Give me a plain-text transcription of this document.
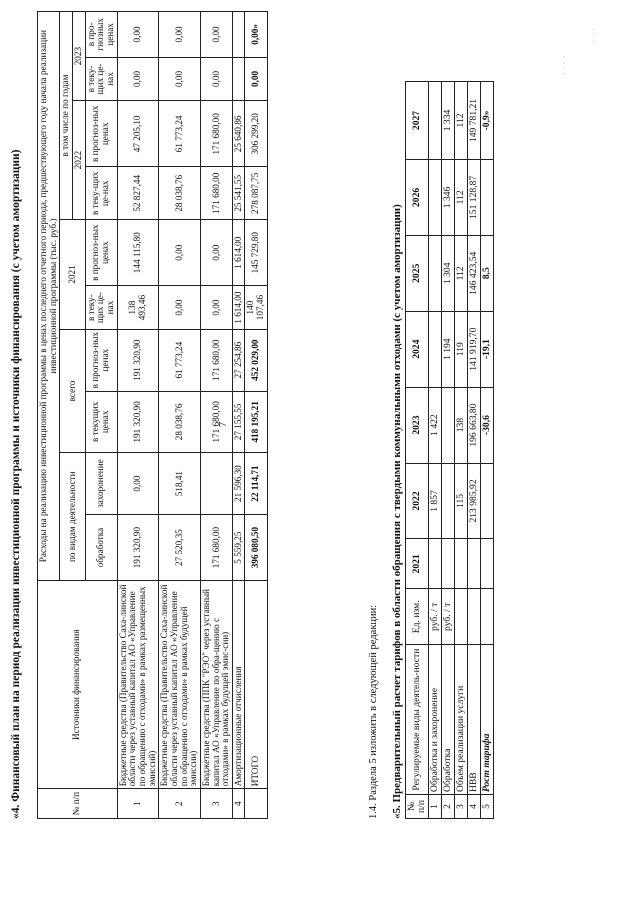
«4. Финансовый план на период реализации инвестиционной программы и источники финансирования (с учетом амортизации)	№ п/п	Источники финансирования	Расходы на реализацию инвестиционной программы в ценах последнего отчетного периода, предшествующего году начала реализации инвестиционной программы (тыс. руб.)									
		по видам деятельности		всего		2021		в том числе по годам			
								2022		2023	
		обработка	захоронение	в текущих ценах	в прогноз-ных ценах	в теку-щих це-нах	в прогноз-ных ценах	в теку-щих це-нах	в прогноз-ных ценах	в теку-щих це-нах	в про-гнозных ценах
1	Бюджетные средства (Правительство Саха-линской области через уставный капитал АО «Управление по обращению с отходами» в рамках размещенных эмиссий)	191 320,90	0,00	191 320,90	191 320,90	138 493,46	144 115,80	52 827,44	47 205,10	0,00	0,00
2	Бюджетные средства (Правительство Саха-линской области через уставный капитал АО «Управление по обращению с отходами» в рамках будущей эмиссии)	27 520,35	518,41	28 038,76	61 773,24	0,00	0,00	28 038,76	61 773,24	0,00	0,00
3	Бюджетные средства (ППК "РЭО" через уставный капитал АО «Управление по обра-щению с отходами» в рамках будущей эмис-сии)	171 680,00		171 680,00	171 680,00	0,00	0,00	171 680,00	171 680,00	0,00	0,00
4	Амортизационные отчисления	5 559,25	21 596,30	27 155,55	27 254,86	1 614,00	1 614,00	25 541,55	25 640,86		
	ИТОГО	396 080,50	22 114,71	418 195,21	452 029,00	140 107,46	145 729,80	278 087,75	306 299,20	0,00	0,00»
1.4. Раздела 5 изложить в следующей редакции: «5. Предварительный расчет тарифов в области обращения с твердыми коммунальными отходами (с учетом амортизации) № п/п	Регулируемые виды деятель-ности	Ед. изм.	2021	2022	2023	2024	2025	2026	2027
1	Обработка и захоронение	руб. / т		1 857	1 422				
2	Обработка	руб. / т				1 194	1 304	1 346	1 334
3	Объем реализации услуги			115	138	119	112	112	112
4	НВВ			213 985,92	196 663,80	141 919,70	146 423,54	151 128,87	149 781,21
5	Рост тарифа				-30,6	-19,1	8,5		-0,9»
7
· ·· ·
·· ··
